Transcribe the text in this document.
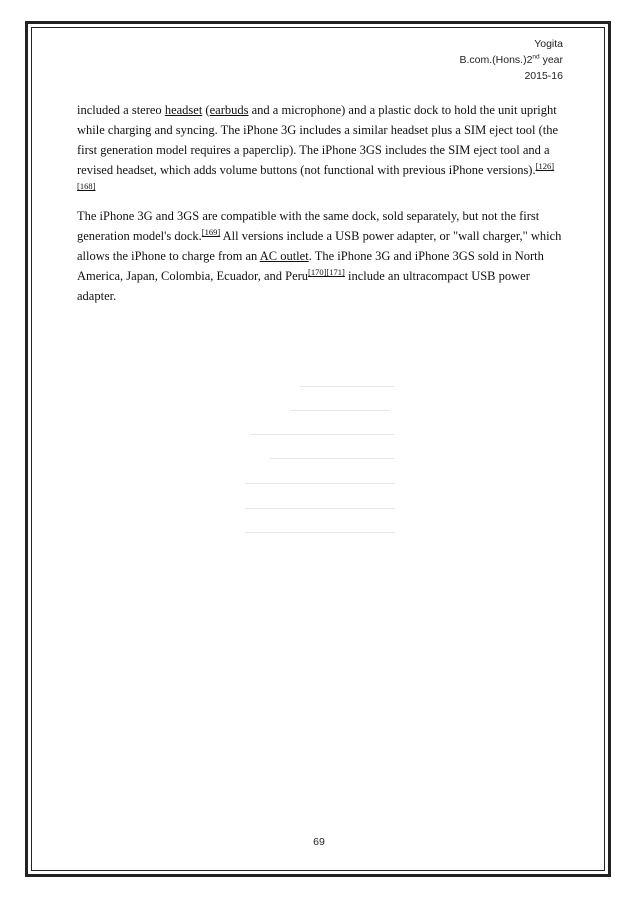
Yogita
B.com.(Hons.)2nd year
2015-16

included a stereo headset (earbuds and a microphone) and a plastic dock to hold the unit upright while charging and syncing. The iPhone 3G includes a similar headset plus a SIM eject tool (the first generation model requires a paperclip). The iPhone 3GS includes the SIM eject tool and a revised headset, which adds volume buttons (not functional with previous iPhone versions).[126][168]

The iPhone 3G and 3GS are compatible with the same dock, sold separately, but not the first generation model's dock.[169] All versions include a USB power adapter, or "wall charger," which allows the iPhone to charge from an AC outlet. The iPhone 3G and iPhone 3GS sold in North America, Japan, Colombia, Ecuador, and Peru[170][171] include an ultracompact USB power adapter.

69
